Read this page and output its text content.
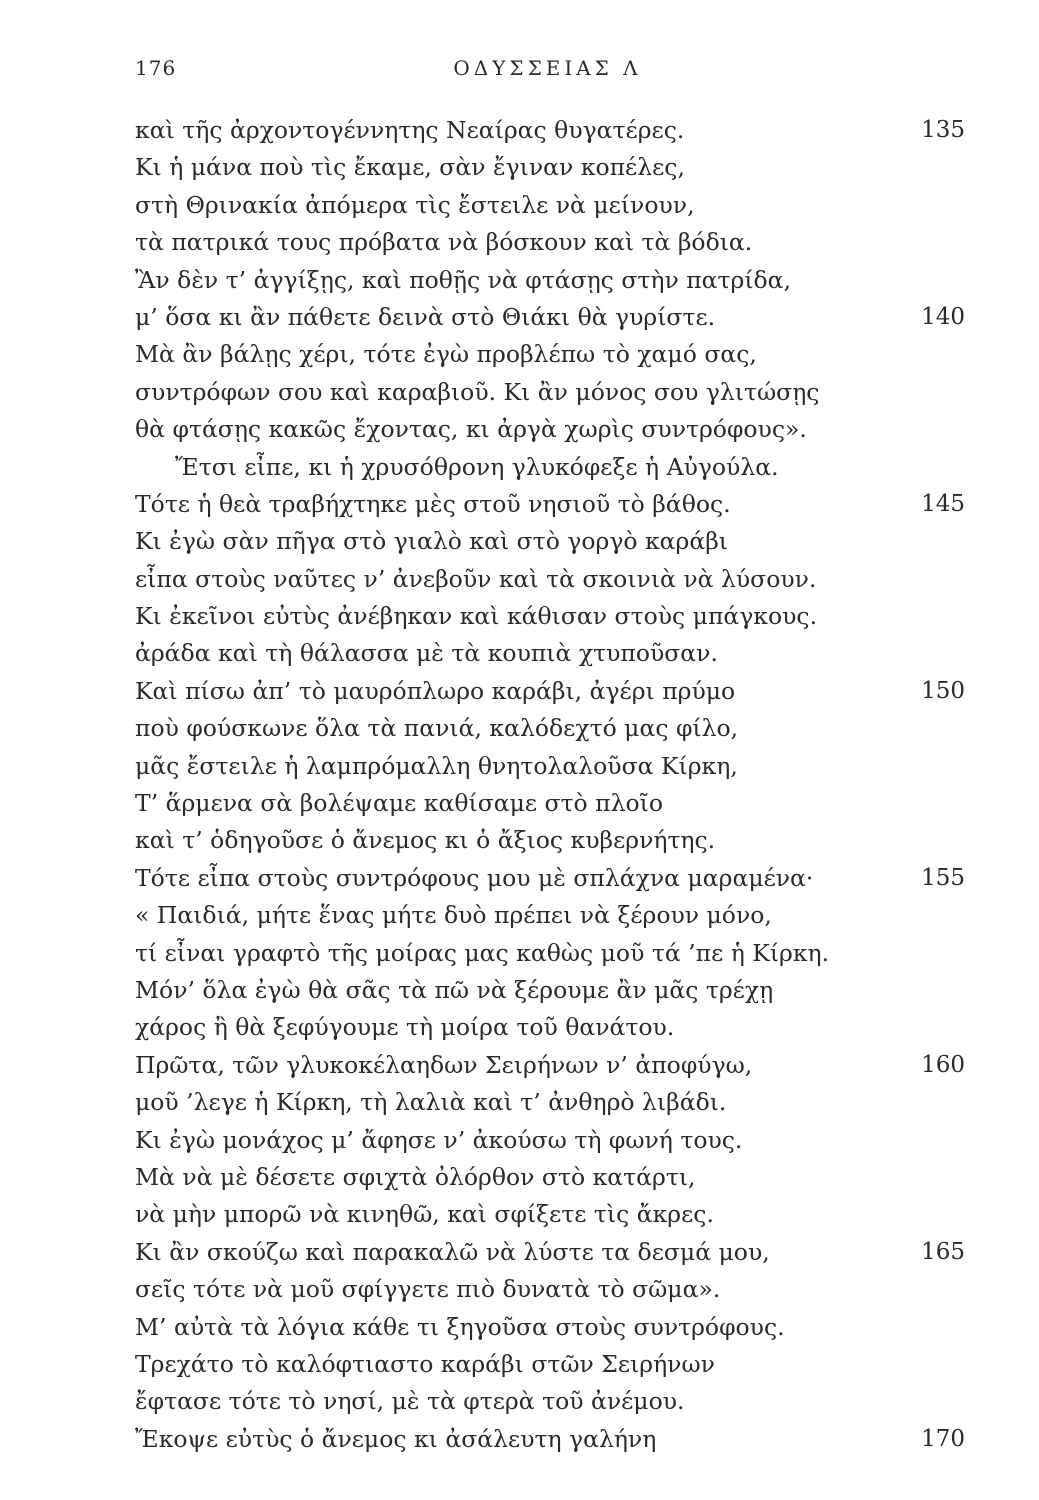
176	ΟΔΥΣΣΕΙΑΣ Λ
καὶ τῆς ἀρχοντογέννητης Νεαίρας θυγατέρες.	135
Κι ἡ μάνα ποὺ τὶς ἔκαμε, σὰν ἔγιναν κοπέλες,
στὴ Θρινακία ἀπόμερα τὶς ἔστειλε νὰ μείνουν,
τὰ πατρικά τους πρόβατα νὰ βόσκουν καὶ τὰ βόδια.
Ἂν δὲν τ’ ἀγγίξῃς, καὶ ποθῇς νὰ φτάσῃς στὴν πατρίδα,
μ’ ὅσα κι ἂν πάθετε δεινὰ στὸ Θιάκι θὰ γυρίστε.	140
Μὰ ἂν βάλῃς χέρι, τότε ἐγὼ προβλέπω τὸ χαμό σας,
συντρόφων σου καὶ καραβιοῦ. Κι ἂν μόνος σου γλιτώσῃς
θὰ φτάσῃς κακῶς ἔχοντας, κι ἀργὰ χωρὶς συντρόφους».
Ἔτσι εἶπε, κι ἡ χρυσόθρονη γλυκόφεξε ἡ Αὐγούλα.
Τότε ἡ θεὰ τραβήχτηκε μὲς στοῦ νησιοῦ τὸ βάθος.	145
Κι ἐγὼ σὰν πῆγα στὸ γιαλὸ καὶ στὸ γοργὸ καράβι
εἶπα στοὺς ναῦτες ν’ ἀνεβοῦν καὶ τὰ σκοινιὰ νὰ λύσουν.
Κι ἐκεῖνοι εὐτὺς ἀνέβηκαν καὶ κάθισαν στοὺς μπάγκους.
ἀράδα καὶ τὴ θάλασσα μὲ τὰ κουπιὰ χτυποῦσαν.
Καὶ πίσω ἀπ’ τὸ μαυρόπλωρο καράβι, ἀγέρι πρύμο	150
ποὺ φούσκωνε ὅλα τὰ πανιά, καλόδεχτό μας φίλο,
μᾶς ἔστειλε ἡ λαμπρόμαλλη θνητολαλοῦσα Κίρκη,
Τ’ ἅρμενα σὰ βολέψαμε καθίσαμε στὸ πλοῖο
καὶ τ’ ὁδηγοῦσε ὁ ἄνεμος κι ὁ ἄξιος κυβερνήτης.
Τότε εἶπα στοὺς συντρόφους μου μὲ σπλάχνα μαραμένα·	155
« Παιδιά, μήτε ἕνας μήτε δυὸ πρέπει νὰ ξέρουν μόνο,
τί εἶναι γραφτὸ τῆς μοίρας μας καθὼς μοῦ τά ’πε ἡ Κίρκη.
Μόν’ ὅλα ἐγὼ θὰ σᾶς τὰ πῶ νὰ ξέρουμε ἂν μᾶς τρέχῃ
χάρος ἢ θὰ ξεφύγουμε τὴ μοίρα τοῦ θανάτου.
Πρῶτα, τῶν γλυκοκέλαηδων Σειρήνων ν’ ἀποφύγω,	160
μοῦ ’λεγε ἡ Κίρκη, τὴ λαλιὰ καὶ τ’ ἀνθηρὸ λιβάδι.
Κι ἐγὼ μονάχος μ’ ἄφησε ν’ ἀκούσω τὴ φωνή τους.
Μὰ νὰ μὲ δέσετε σφιχτὰ ὀλόρθον στὸ κατάρτι,
νὰ μὴν μπορῶ νὰ κινηθῶ, καὶ σφίξετε τὶς ἄκρες.
Κι ἂν σκούζω καὶ παρακαλῶ νὰ λύστε τα δεσμά μου,	165
σεῖς τότε νὰ μοῦ σφίγγετε πιὸ δυνατὰ τὸ σῶμα».
Μ’ αὐτὰ τὰ λόγια κάθε τι ξηγοῦσα στοὺς συντρόφους.
Τρεχάτο τὸ καλόφτιαστο καράβι στῶν Σειρήνων
ἔφτασε τότε τὸ νησί, μὲ τὰ φτερὰ τοῦ ἀνέμου.
Ἔκοψε εὐτὺς ὁ ἄνεμος κι ἀσάλευτη γαλήνη	170
